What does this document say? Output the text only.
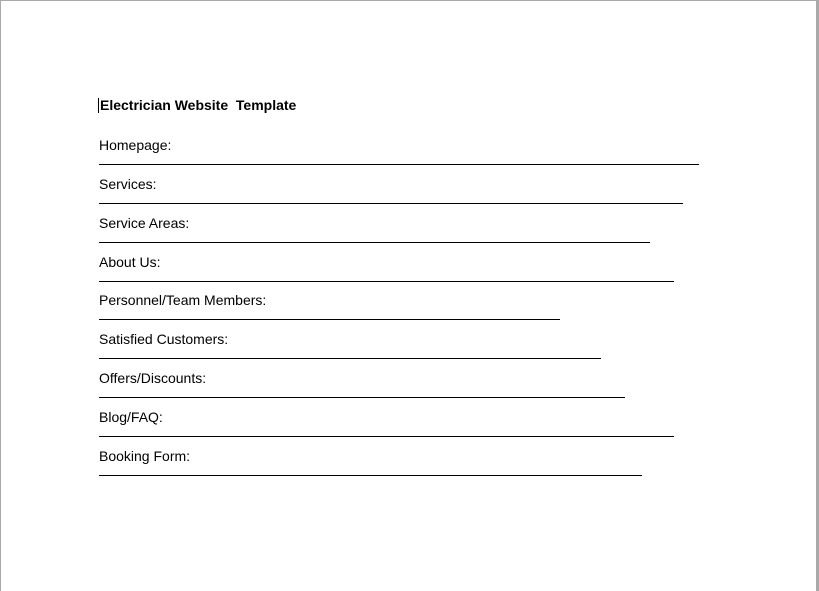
Electrician Website  Template
Homepage:
Services:
Service Areas:
About Us:
Personnel/Team Members:
Satisfied Customers:
Offers/Discounts:
Blog/FAQ:
Booking Form:
